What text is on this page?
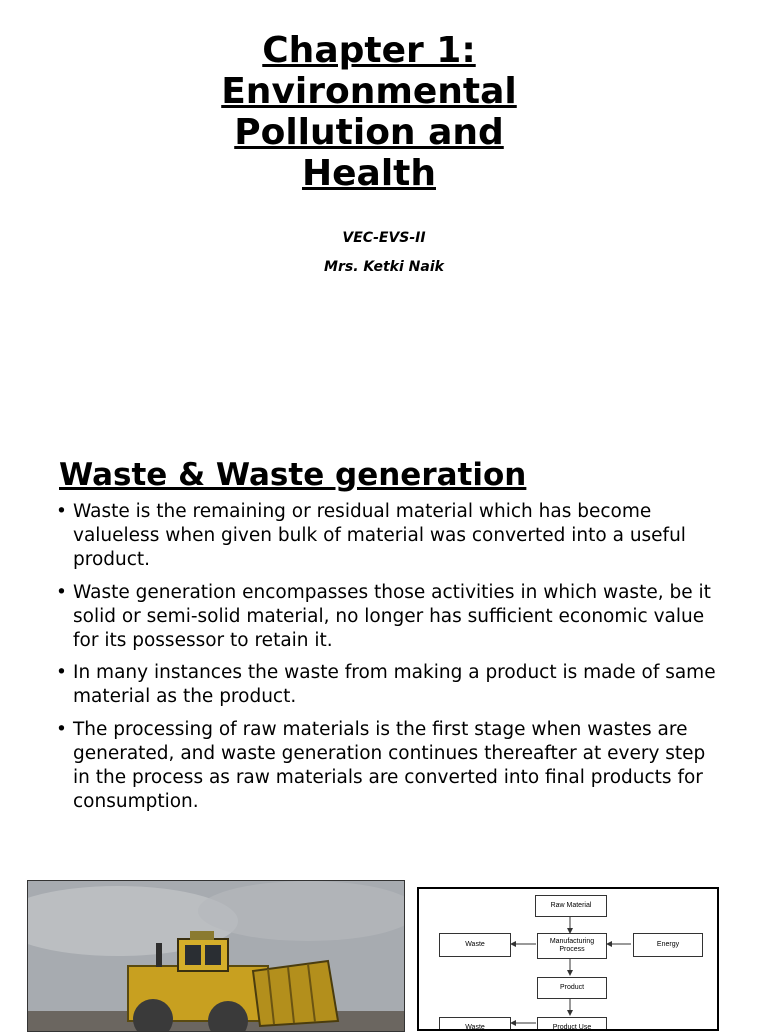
Chapter 1:
Environmental
Pollution and
Health
VEC-EVS-II
Mrs. Ketki Naik
Waste & Waste generation
• Waste is the remaining or residual material which has become valueless when given bulk of material was converted into a useful product.
• Waste generation encompasses those activities in which waste, be it solid or semi-solid material, no longer has sufficient economic value for its possessor to retain it.
• In many instances the waste from making a product is made of same material as the product.
• The processing of raw materials is the first stage when wastes are generated, and waste generation continues thereafter at every step in the process as raw materials are converted into final products for consumption.
Raw Material
Waste	Manufacturing Process
Energy
Product
Waste	Product Use
